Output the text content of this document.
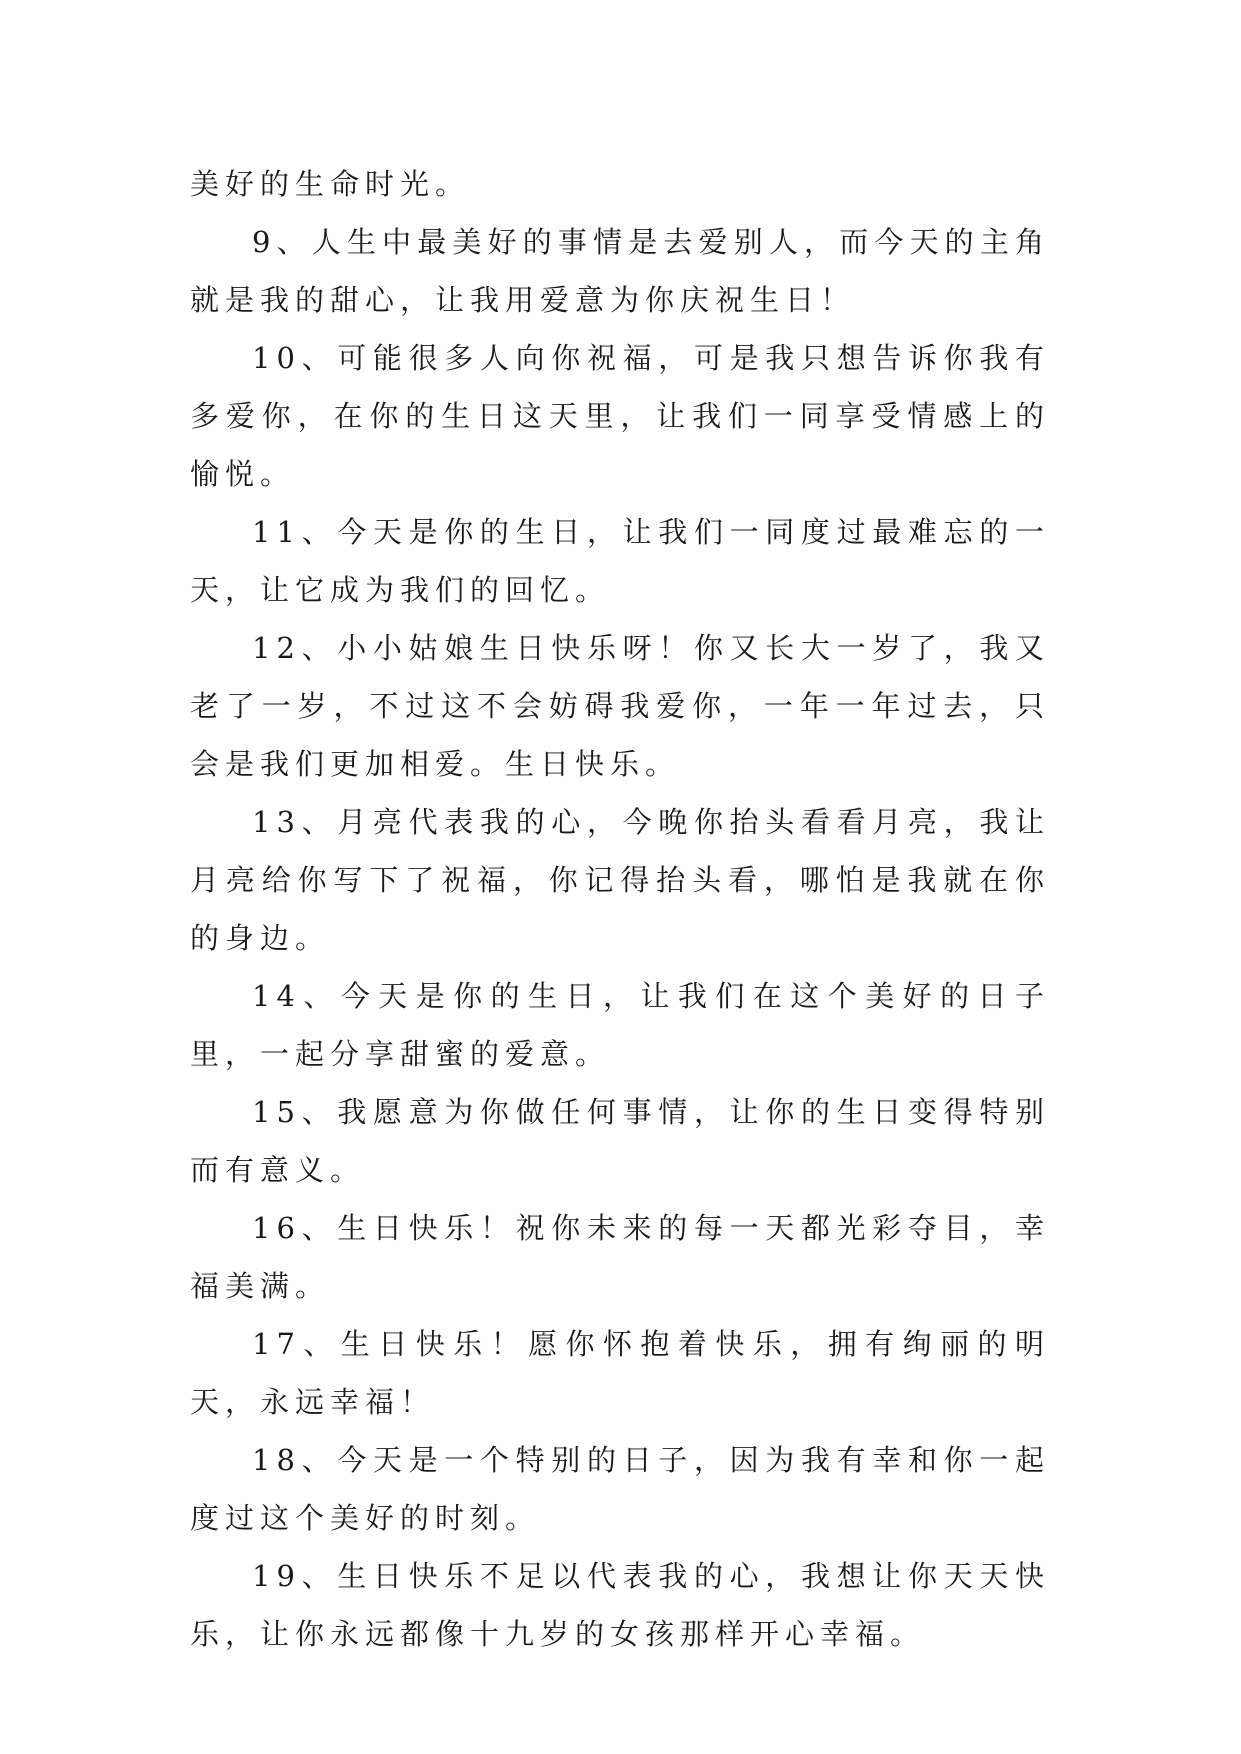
美好的生命时光。

9、人生中最美好的事情是去爱别人，而今天的主角就是我的甜心，让我用爱意为你庆祝生日！

10、可能很多人向你祝福，可是我只想告诉你我有多爱你，在你的生日这天里，让我们一同享受情感上的愉悦。

11、今天是你的生日，让我们一同度过最难忘的一天，让它成为我们的回忆。

12、小小姑娘生日快乐呀！你又长大一岁了，我又老了一岁，不过这不会妨碍我爱你，一年一年过去，只会是我们更加相爱。生日快乐。

13、月亮代表我的心，今晚你抬头看看月亮，我让月亮给你写下了祝福，你记得抬头看，哪怕是我就在你的身边。

14、今天是你的生日，让我们在这个美好的日子里，一起分享甜蜜的爱意。

15、我愿意为你做任何事情，让你的生日变得特别而有意义。

16、生日快乐！祝你未来的每一天都光彩夺目，幸福美满。

17、生日快乐！愿你怀抱着快乐，拥有绚丽的明天，永远幸福！

18、今天是一个特别的日子，因为我有幸和你一起度过这个美好的时刻。

19、生日快乐不足以代表我的心，我想让你天天快乐，让你永远都像十九岁的女孩那样开心幸福。
